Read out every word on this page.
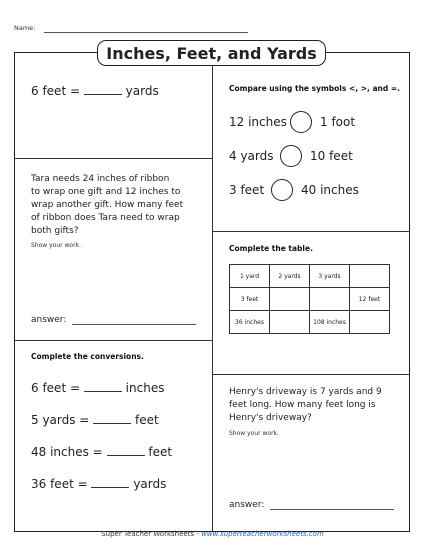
Name:
Inches, Feet, and Yards
6 feet =	yards	Compare using the symbols <, >, and =.
12 inches	1 foot
4 yards	10 feet
3 feet	40 inches
Tara needs 24 inches of ribbon
to wrap one gift and 12 inches to
wrap another gift. How many feet
of ribbon does Tara need to wrap
both gifts?
Show your work.
answer:
Complete the table.
1 yard	2 yards	3 yards	
3 feet			12 feet
36 inches		108 inches	
Complete the conversions.
6 feet =	inches
5 yards =	feet
48 inches =	feet
36 feet =	yards
Henry's driveway is 7 yards and 9
feet long. How many feet long is
Henry's driveway?
Show your work.
answer:
Super Teacher Worksheets - www.superteacherworksheets.com
